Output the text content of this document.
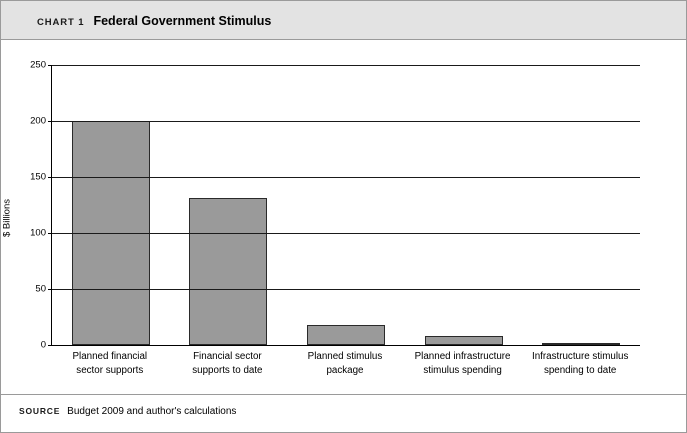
CHART 1 Federal Government Stimulus
$ Billions
0
50
100
150
200
250
Planned financial
sector supports
Financial sector
supports to date
Planned stimulus
package
Planned infrastructure
stimulus spending
Infrastructure stimulus
spending to date
SOURCE Budget 2009 and author's calculations
